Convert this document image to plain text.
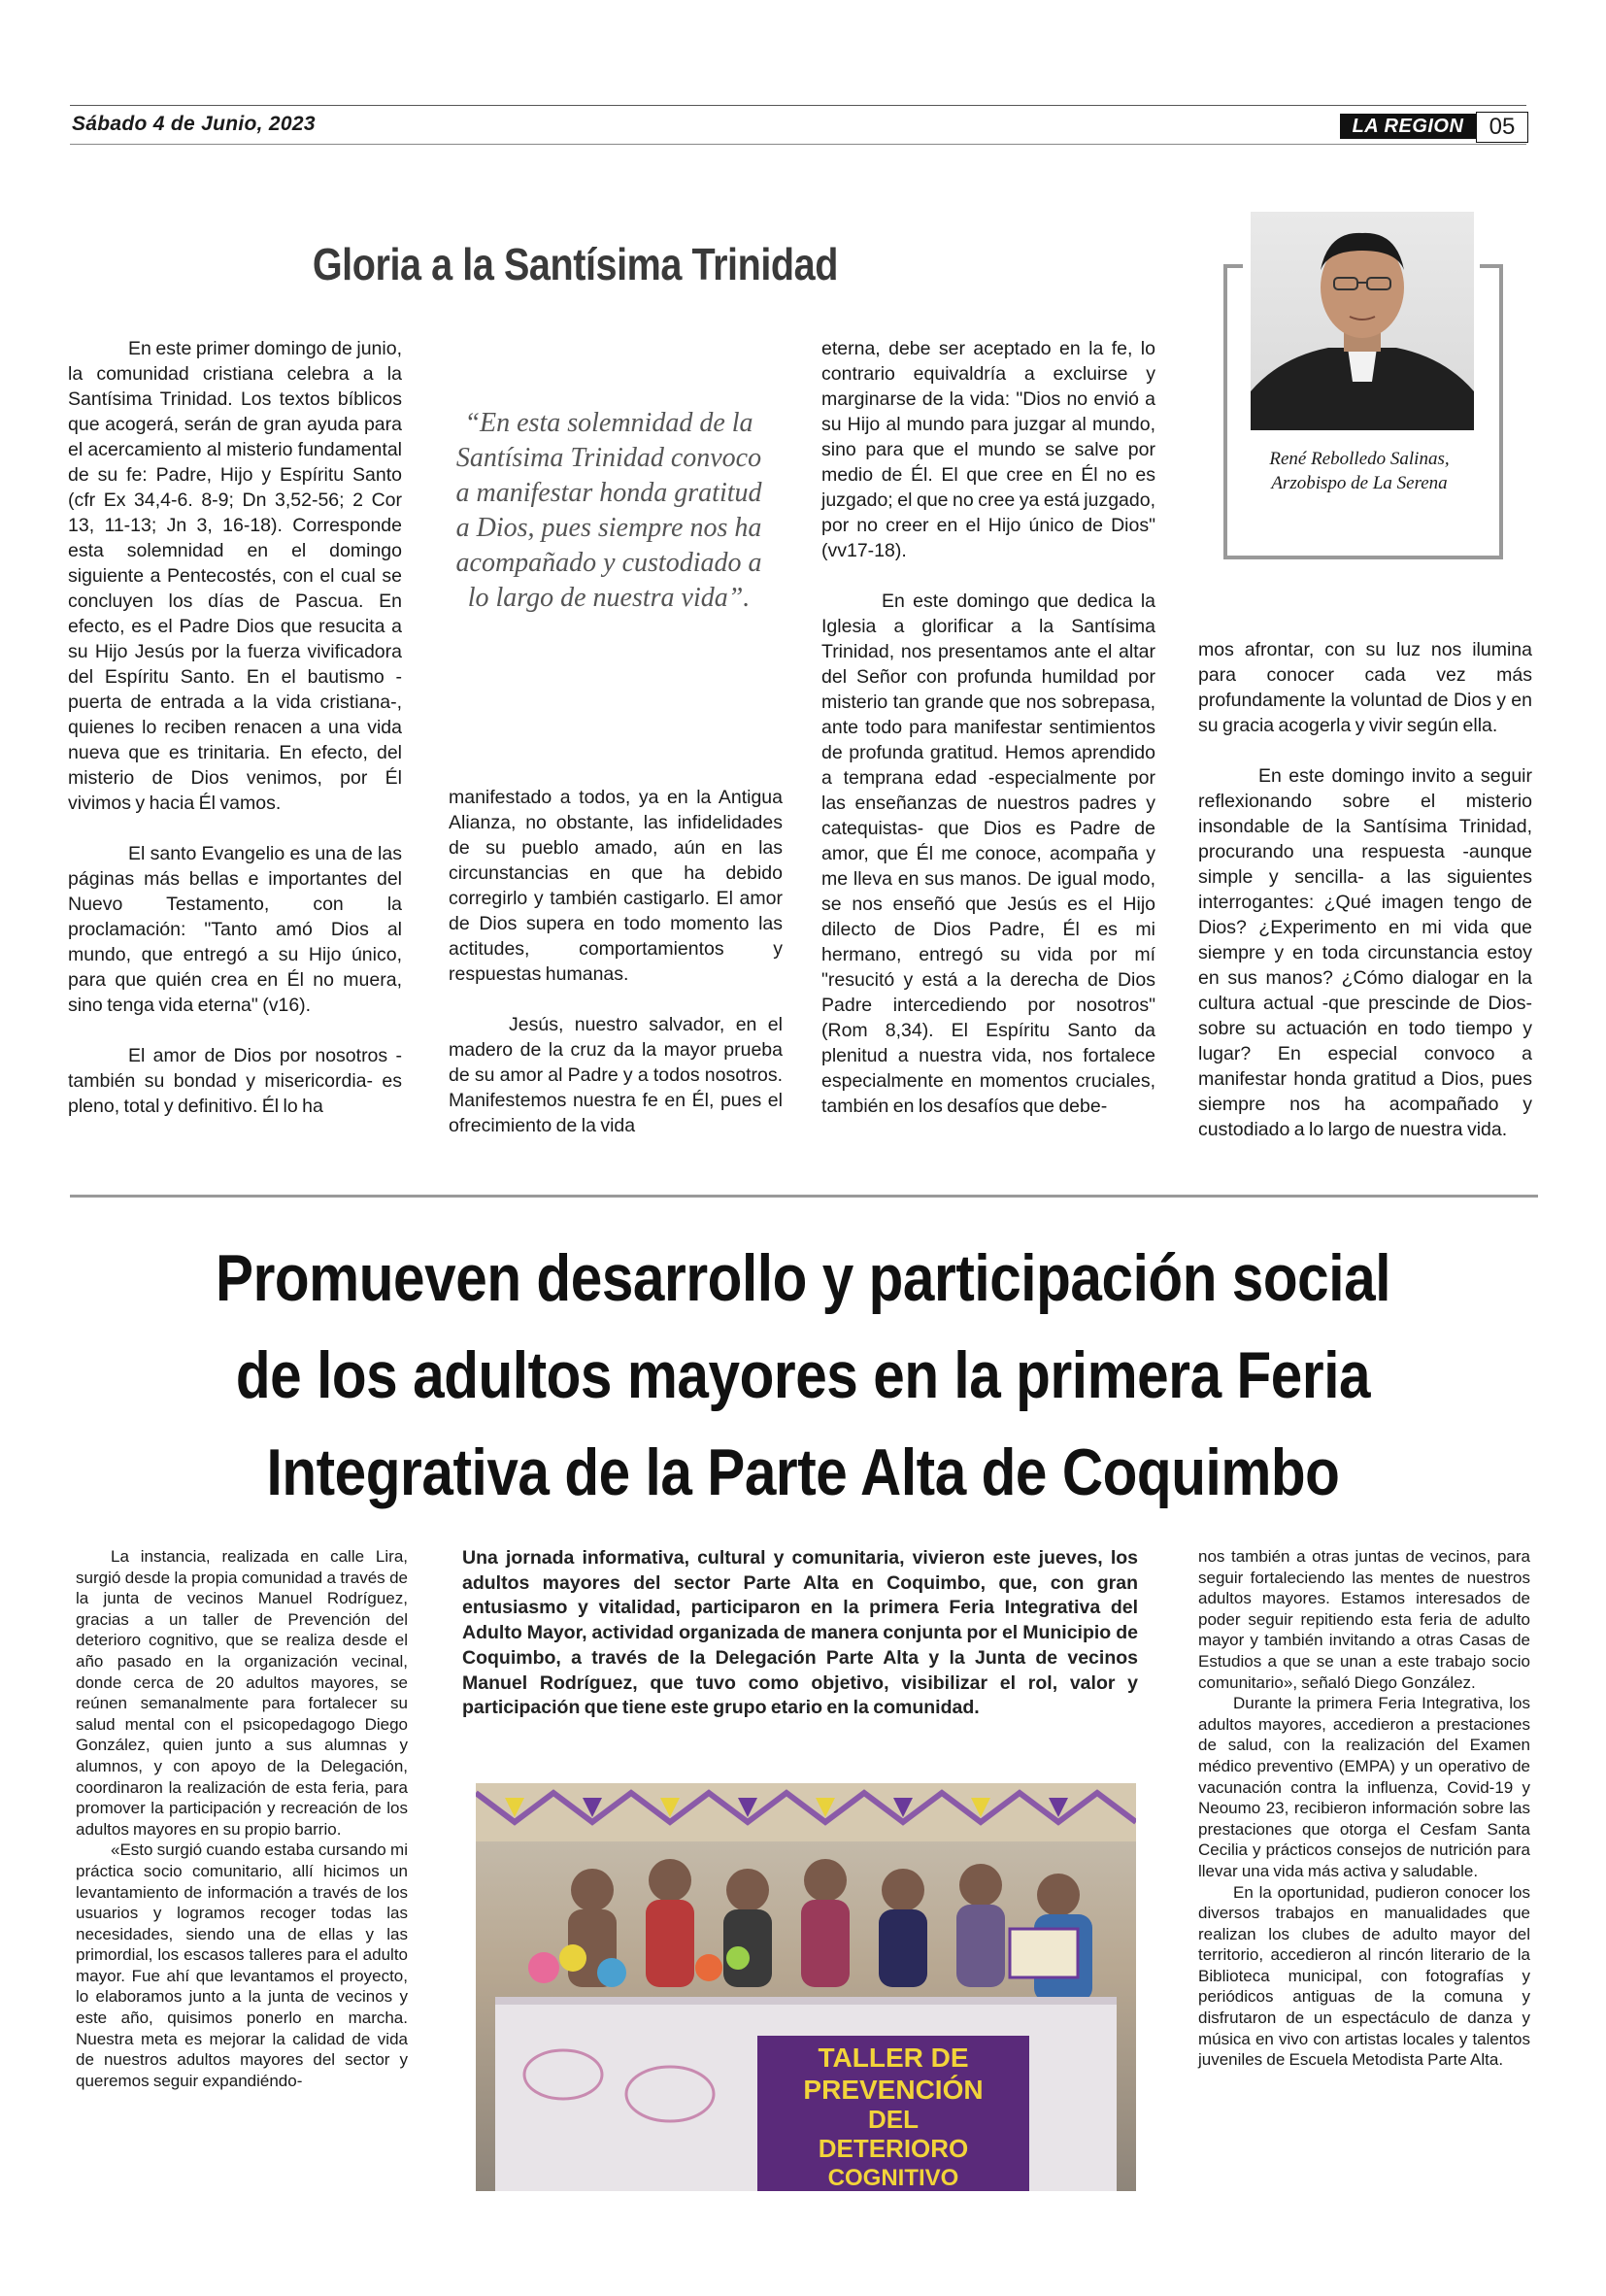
Sábado 4 de Junio, 2023	LA REGION	05
Gloria a la Santísima Trinidad

En este primer domingo de junio, la comunidad cristiana celebra a la Santísima Trinidad. Los textos bíblicos que acogerá, serán de gran ayuda para el acercamiento al misterio fundamental de su fe: Padre, Hijo y Espíritu Santo (cfr Ex 34,4-6. 8-9; Dn 3,52-56; 2 Cor 13, 11-13; Jn 3, 16-18). Corresponde esta solemnidad en el domingo siguiente a Pentecostés, con el cual se concluyen los días de Pascua. En efecto, es el Padre Dios que resucita a su Hijo Jesús por la fuerza vivificadora del Espíritu Santo. En el bautismo -puerta de entrada a la vida cristiana-, quienes lo reciben renacen a una vida nueva que es trinitaria. En efecto, del misterio de Dios venimos, por Él vivimos y hacia Él vamos.

El santo Evangelio es una de las páginas más bellas e importantes del Nuevo Testamento, con la proclamación: "Tanto amó Dios al mundo, que entregó a su Hijo único, para que quién crea en Él no muera, sino tenga vida eterna" (v16).

El amor de Dios por nosotros -también su bondad y misericordia- es pleno, total y definitivo. Él lo ha

“En esta solemnidad de la Santísima Trinidad convoco a manifestar honda gratitud a Dios, pues siempre nos ha acompañado y custodiado a lo largo de nuestra vida”.

manifestado a todos, ya en la Antigua Alianza, no obstante, las infidelidades de su pueblo amado, aún en las circunstancias en que ha debido corregirlo y también castigarlo. El amor de Dios supera en todo momento las actitudes, comportamientos y respuestas humanas.

Jesús, nuestro salvador, en el madero de la cruz da la mayor prueba de su amor al Padre y a todos nosotros. Manifestemos nuestra fe en Él, pues el ofrecimiento de la vida

eterna, debe ser aceptado en la fe, lo contrario equivaldría a excluirse y marginarse de la vida: "Dios no envió a su Hijo al mundo para juzgar al mundo, sino para que el mundo se salve por medio de Él. El que cree en Él no es juzgado; el que no cree ya está juzgado, por no creer en el Hijo único de Dios" (vv17-18).

En este domingo que dedica la Iglesia a glorificar a la Santísima Trinidad, nos presentamos ante el altar del Señor con profunda humildad por misterio tan grande que nos sobrepasa, ante todo para manifestar sentimientos de profunda gratitud. Hemos aprendido a temprana edad -especialmente por las enseñanzas de nuestros padres y catequistas- que Dios es Padre de amor, que Él me conoce, acompaña y me lleva en sus manos. De igual modo, se nos enseñó que Jesús es el Hijo dilecto de Dios Padre, Él es mi hermano, entregó su vida por mí "resucitó y está a la derecha de Dios Padre intercediendo por nosotros" (Rom 8,34). El Espíritu Santo da plenitud a nuestra vida, nos fortalece especialmente en momentos cruciales, también en los desafíos que debe-

René Rebolledo Salinas, Arzobispo de La Serena

mos afrontar, con su luz nos ilumina para conocer cada vez más profundamente la voluntad de Dios y en su gracia acogerla y vivir según ella.

En este domingo invito a seguir reflexionando sobre el misterio insondable de la Santísima Trinidad, procurando una respuesta -aunque simple y sencilla- a las siguientes interrogantes: ¿Qué imagen tengo de Dios? ¿Experimento en mi vida que siempre y en toda circunstancia estoy en sus manos? ¿Cómo dialogar en la cultura actual -que prescinde de Dios- sobre su actuación en todo tiempo y lugar? En especial convoco a manifestar honda gratitud a Dios, pues siempre nos ha acompañado y custodiado a lo largo de nuestra vida.

Promueven desarrollo y participación social
de los adultos mayores en la primera Feria
Integrativa de la Parte Alta de Coquimbo

La instancia, realizada en calle Lira, surgió desde la propia comunidad a través de la junta de vecinos Manuel Rodríguez, gracias a un taller de Prevención del deterioro cognitivo, que se realiza desde el año pasado en la organización vecinal, donde cerca de 20 adultos mayores, se reúnen semanalmente para fortalecer su salud mental con el psicopedagogo Diego González, quien junto a sus alumnas y alumnos, y con apoyo de la Delegación, coordinaron la realización de esta feria, para promover la participación y recreación de los adultos mayores en su propio barrio.

«Esto surgió cuando estaba cursando mi práctica socio comunitario, allí hicimos un levantamiento de información a través de los usuarios y logramos recoger todas las necesidades, siendo una de ellas y las primordial, los escasos talleres para el adulto mayor. Fue ahí que levantamos el proyecto, lo elaboramos junto a la junta de vecinos y este año, quisimos ponerlo en marcha. Nuestra meta es mejorar la calidad de vida de nuestros adultos mayores del sector y queremos seguir expandiéndo-

Una jornada informativa, cultural y comunitaria, vivieron este jueves, los adultos mayores del sector Parte Alta en Coquimbo, que, con gran entusiasmo y vitalidad, participaron en la primera Feria Integrativa del Adulto Mayor, actividad organizada de manera conjunta por el Municipio de Coquimbo, a través de la Delegación Parte Alta y la Junta de vecinos Manuel Rodríguez, que tuvo como objetivo, visibilizar el rol, valor y participación que tiene este grupo etario en la comunidad.
TALLER DE
PREVENCIÓN
DEL
DETERIORO
COGNITIVO

nos también a otras juntas de vecinos, para seguir fortaleciendo las mentes de nuestros adultos mayores. Estamos interesados de poder seguir repitiendo esta feria de adulto mayor y también invitando a otras Casas de Estudios a que se unan a este trabajo socio comunitario», señaló Diego González.

Durante la primera Feria Integrativa, los adultos mayores, accedieron a prestaciones de salud, con la realización del Examen médico preventivo (EMPA) y un operativo de vacunación contra la influenza, Covid-19 y Neoumo 23, recibieron información sobre las prestaciones que otorga el Cesfam Santa Cecilia y prácticos consejos de nutrición para llevar una vida más activa y saludable.

En la oportunidad, pudieron conocer los diversos trabajos en manualidades que realizan los clubes de adulto mayor del territorio, accedieron al rincón literario de la Biblioteca municipal, con fotografías y periódicos antiguas de la comuna y disfrutaron de un espectáculo de danza y música en vivo con artistas locales y talentos juveniles de Escuela Metodista Parte Alta.
